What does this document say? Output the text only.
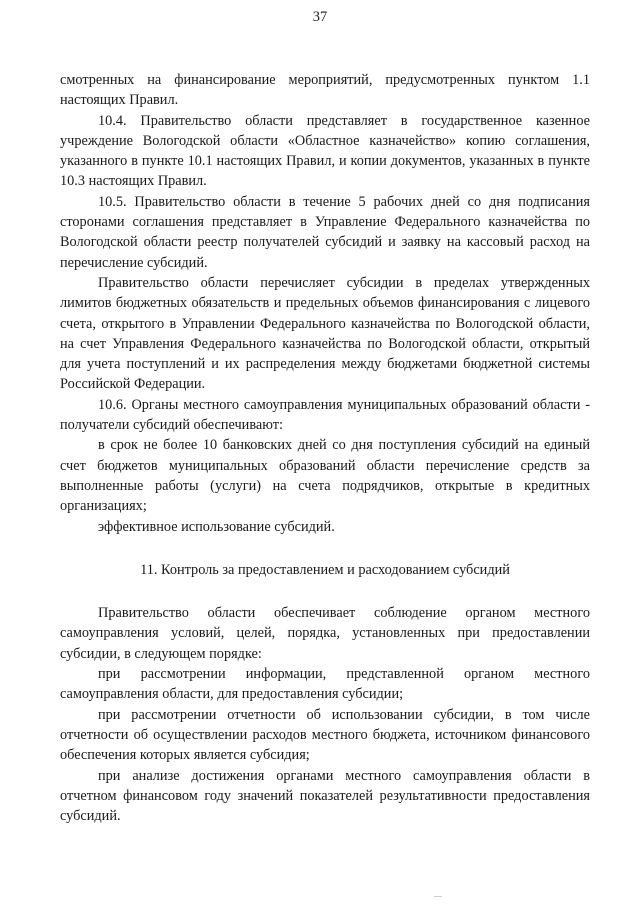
37

смотренных на финансирование мероприятий, предусмотренных пунктом 1.1 настоящих Правил.

10.4. Правительство области представляет в государственное казенное учреждение Вологодской области «Областное казначейство» копию соглашения, указанного в пункте 10.1 настоящих Правил, и копии документов, указанных в пункте 10.3 настоящих Правил.

10.5. Правительство области в течение 5 рабочих дней со дня подписания сторонами соглашения представляет в Управление Федерального казначейства по Вологодской области реестр получателей субсидий и заявку на кассовый расход на перечисление субсидий.

Правительство области перечисляет субсидии в пределах утвержденных лимитов бюджетных обязательств и предельных объемов финансирования с лицевого счета, открытого в Управлении Федерального казначейства по Вологодской области, на счет Управления Федерального казначейства по Вологодской области, открытый для учета поступлений и их распределения между бюджетами бюджетной системы Российской Федерации.

10.6. Органы местного самоуправления муниципальных образований области - получатели субсидий обеспечивают:

в срок не более 10 банковских дней со дня поступления субсидий на единый счет бюджетов муниципальных образований области перечисление средств за выполненные работы (услуги) на счета подрядчиков, открытые в кредитных организациях;

эффективное использование субсидий.

11. Контроль за предоставлением и расходованием субсидий

Правительство области обеспечивает соблюдение органом местного самоуправления условий, целей, порядка, установленных при предоставлении субсидии, в следующем порядке:

при рассмотрении информации, представленной органом местного самоуправления области, для предоставления субсидии;

при рассмотрении отчетности об использовании субсидии, в том числе отчетности об осуществлении расходов местного бюджета, источником финансового обеспечения которых является субсидия;

при анализе достижения органами местного самоуправления области в отчетном финансовом году значений показателей результативности предоставления субсидий.
